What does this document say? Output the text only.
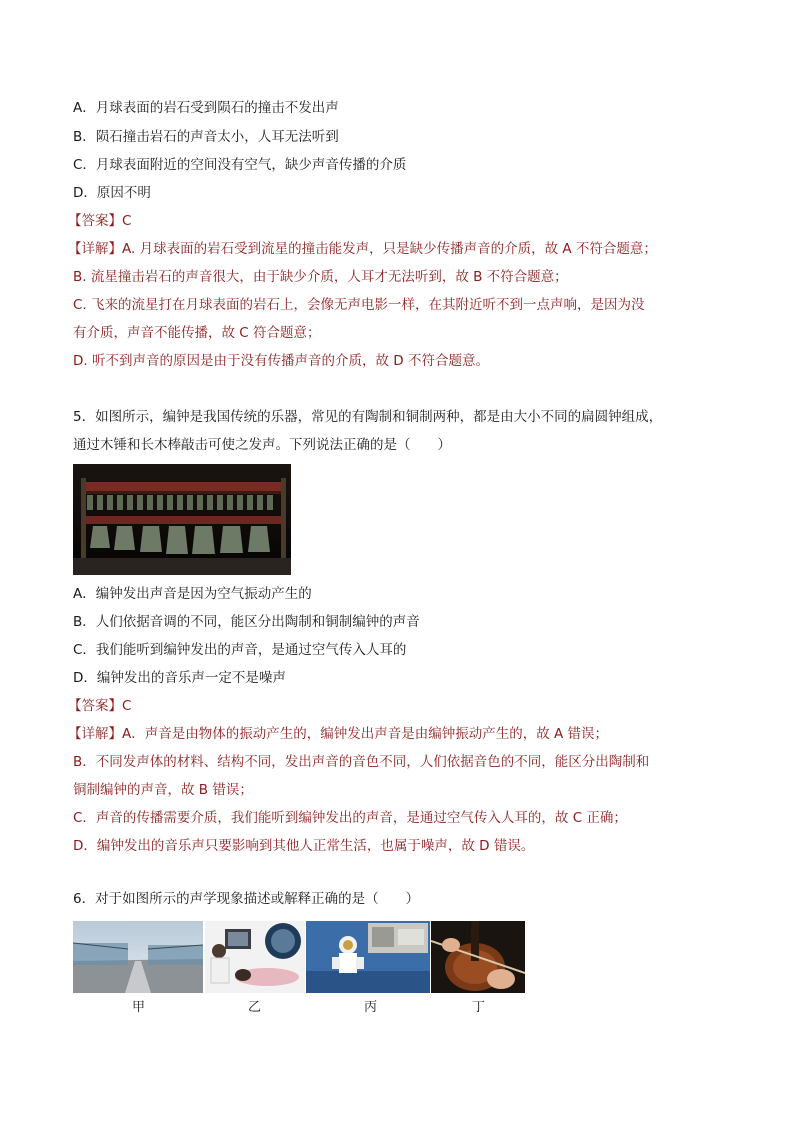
A．月球表面的岩石受到陨石的撞击不发出声
B．陨石撞击岩石的声音太小，人耳无法听到
C．月球表面附近的空间没有空气，缺少声音传播的介质
D．原因不明
【答案】C
【详解】A. 月球表面的岩石受到流星的撞击能发声，只是缺少传播声音的介质，故 A 不符合题意；
B. 流星撞击岩石的声音很大，由于缺少介质，人耳才无法听到，故 B 不符合题意；
C. 飞来的流星打在月球表面的岩石上，会像无声电影一样，在其附近听不到一点声响，是因为没
有介质，声音不能传播，故 C 符合题意；
D. 听不到声音的原因是由于没有传播声音的介质，故 D 不符合题意。
5．如图所示，编钟是我国传统的乐器，常见的有陶制和铜制两种，都是由大小不同的扁圆钟组成，
通过木锤和长木棒敲击可使之发声。下列说法正确的是（　　）
A．编钟发出声音是因为空气振动产生的
B．人们依据音调的不同，能区分出陶制和铜制编钟的声音
C．我们能听到编钟发出的声音，是通过空气传入人耳的
D．编钟发出的音乐声一定不是噪声
【答案】C
【详解】A．声音是由物体的振动产生的，编钟发出声音是由编钟振动产生的，故 A 错误；
B．不同发声体的材料、结构不同，发出声音的音色不同，人们依据音色的不同，能区分出陶制和
铜制编钟的声音，故 B 错误；
C．声音的传播需要介质，我们能听到编钟发出的声音，是通过空气传入人耳的，故 C 正确；
D．编钟发出的音乐声只要影响到其他人正常生活，也属于噪声，故 D 错误。
6．对于如图所示的声学现象描述或解释正确的是（　　）
甲	乙	丙	丁
